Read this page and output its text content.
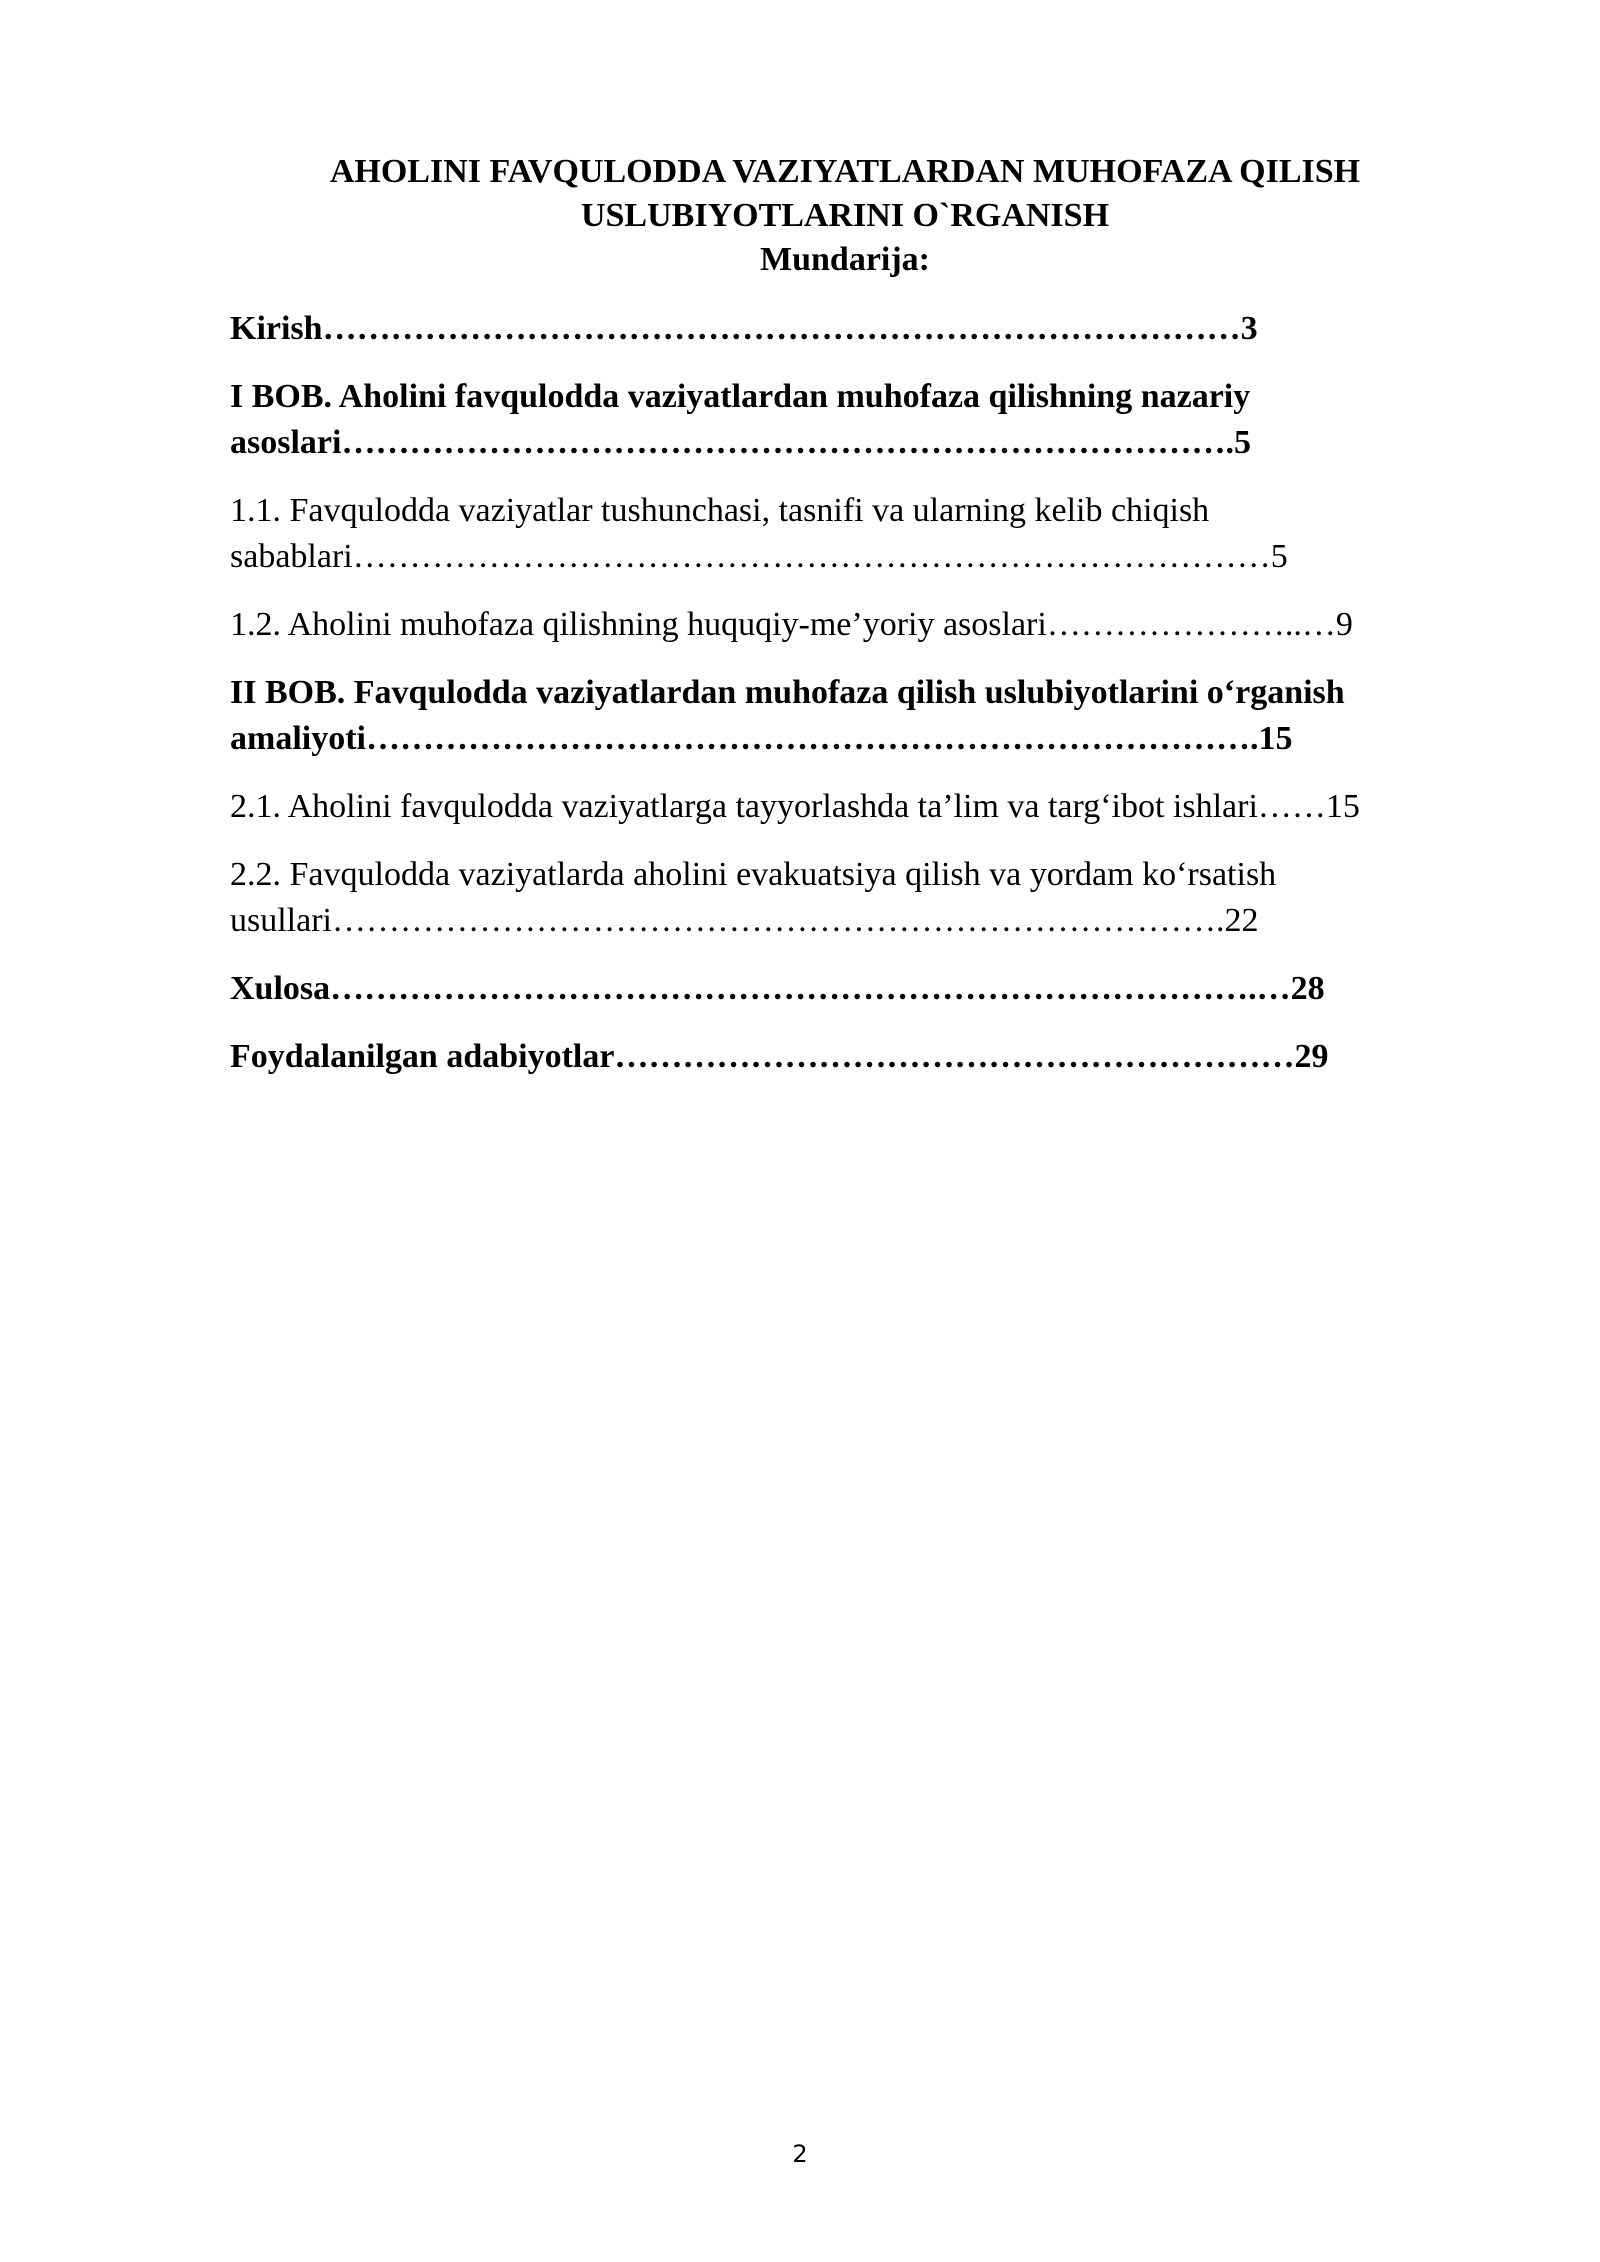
AHOLINI FAVQULODDA VAZIYATLARDAN MUHOFAZA QILISH
USLUBIYOTLARINI O`RGANISH
Mundarija:
Kirish………………………………………………………………………3
I BOB. Aholini favqulodda vaziyatlardan muhofaza qilishning nazariy
asoslari…………………………………………………………………….5
1.1. Favqulodda vaziyatlar tushunchasi, tasnifi va ularning kelib chiqish
sabablari………………………………………………………………………5
1.2. Aholini muhofaza qilishning huquqiy-me’yoriy asoslari…………………..…9
II BOB. Favqulodda vaziyatlardan muhofaza qilish uslubiyotlarini o‘rganish
amaliyoti…………………………………………………………………….15
2.1. Aholini favqulodda vaziyatlarga tayyorlashda ta’lim va targ‘ibot ishlari……15
2.2. Favqulodda vaziyatlarda aholini evakuatsiya qilish va yordam ko‘rsatish
usullari…………………………………………………………………….22
Xulosa……………………………………………………………………….…28
Foydalanilgan adabiyotlar……………………………………………………29
2
